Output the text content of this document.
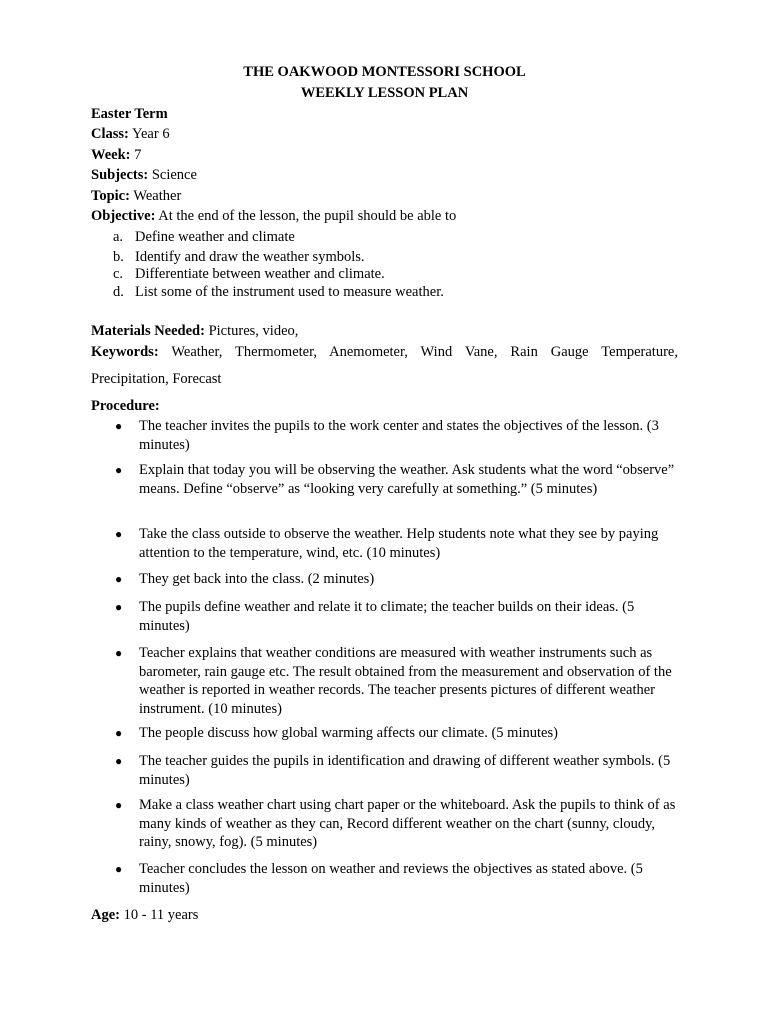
THE OAKWOOD MONTESSORI SCHOOL
WEEKLY LESSON PLAN
Easter Term
Class: Year 6
Week: 7
Subjects: Science
Topic: Weather
Objective: At the end of the lesson, the pupil should be able to
a. Define weather and climate
b. Identify and draw the weather symbols.
c. Differentiate between weather and climate.
d. List some of the instrument used to measure weather.
Materials Needed: Pictures, video,
Keywords: Weather, Thermometer, Anemometer, Wind Vane, Rain Gauge Temperature,
Precipitation, Forecast
Procedure:
● The teacher invites the pupils to the work center and states the objectives of the lesson. (3 minutes)
● Explain that today you will be observing the weather. Ask students what the word “observe” means. Define “observe” as “looking very carefully at something.” (5 minutes)
● Take the class outside to observe the weather. Help students note what they see by paying attention to the temperature, wind, etc. (10 minutes)
● They get back into the class. (2 minutes)
● The pupils define weather and relate it to climate; the teacher builds on their ideas. (5 minutes)
● Teacher explains that weather conditions are measured with weather instruments such as barometer, rain gauge etc. The result obtained from the measurement and observation of the weather is reported in weather records. The teacher presents pictures of different weather instrument. (10 minutes)
● The people discuss how global warming affects our climate. (5 minutes)
● The teacher guides the pupils in identification and drawing of different weather symbols. (5 minutes)
● Make a class weather chart using chart paper or the whiteboard. Ask the pupils to think of as many kinds of weather as they can, Record different weather on the chart (sunny, cloudy, rainy, snowy, fog). (5 minutes)
● Teacher concludes the lesson on weather and reviews the objectives as stated above. (5 minutes)
Age: 10 - 11 years
